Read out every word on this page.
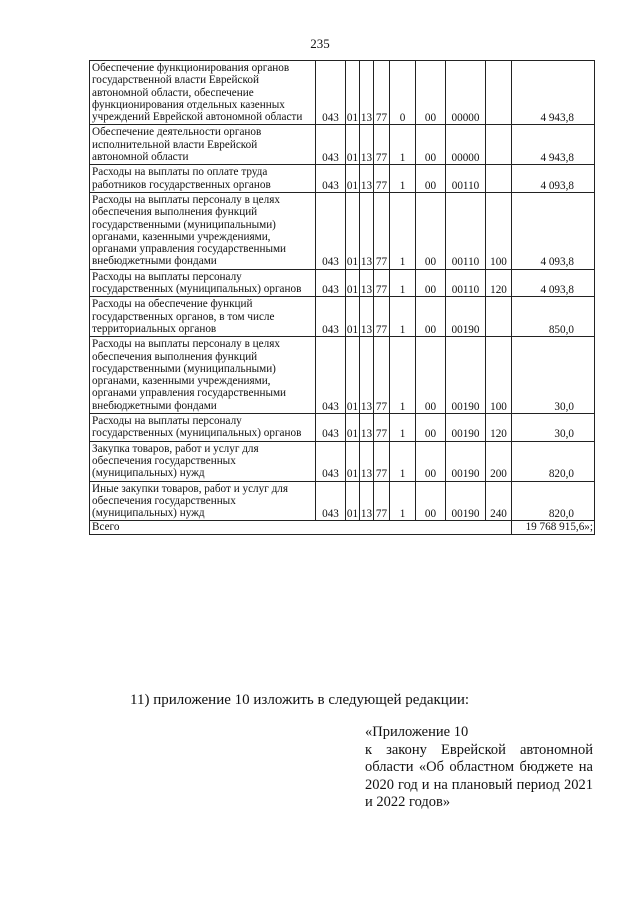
235
Обеспечение функционирования органов государственной власти Еврейской автономной области, обеспечение функционирования отдельных казенных учреждений Еврейской автономной области	043	01	13	77	0	00	00000		4 943,8
Обеспечение деятельности органов исполнительной власти Еврейской автономной области	043	01	13	77	1	00	00000		4 943,8
Расходы на выплаты по оплате труда работников государственных органов	043	01	13	77	1	00	00110		4 093,8
Расходы на выплаты персоналу в целях обеспечения выполнения функций государственными (муниципальными) органами, казенными учреждениями, органами управления государственными внебюджетными фондами	043	01	13	77	1	00	00110	100	4 093,8
Расходы на выплаты персоналу государственных (муниципальных) органов	043	01	13	77	1	00	00110	120	4 093,8
Расходы на обеспечение функций государственных органов, в том числе территориальных органов	043	01	13	77	1	00	00190		850,0
Расходы на выплаты персоналу в целях обеспечения выполнения функций государственными (муниципальными) органами, казенными учреждениями, органами управления государственными внебюджетными фондами	043	01	13	77	1	00	00190	100	30,0
Расходы на выплаты персоналу государственных (муниципальных) органов	043	01	13	77	1	00	00190	120	30,0
Закупка товаров, работ и услуг для обеспечения государственных (муниципальных) нужд	043	01	13	77	1	00	00190	200	820,0
Иные закупки товаров, работ и услуг для обеспечения государственных (муниципальных) нужд	043	01	13	77	1	00	00190	240	820,0
Всего									19 768 915,6»;
11) приложение 10 изложить в следующей редакции:

«Приложение 10

к закону Еврейской автономной области «Об областном бюджете на 2020 год и на плановый период 2021 и 2022 годов»
